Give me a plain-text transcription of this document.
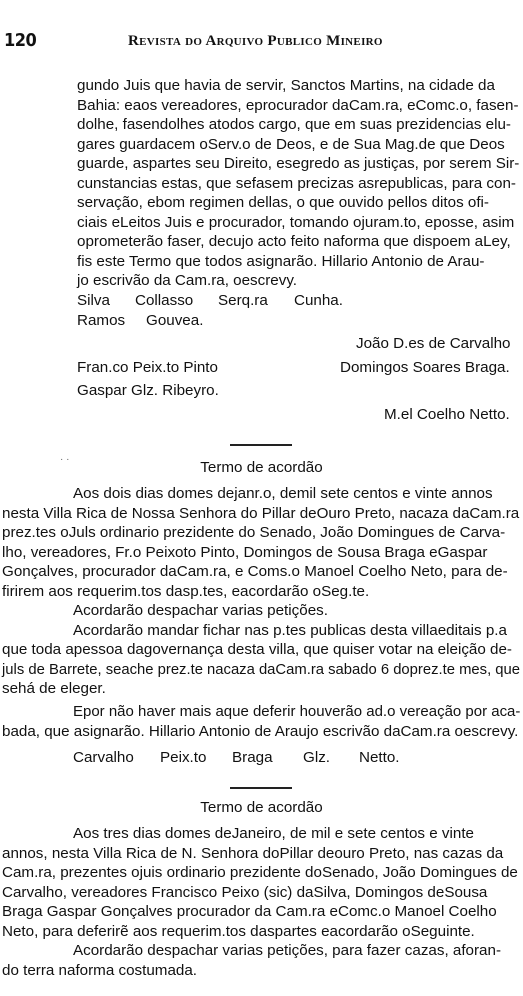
120	Revista do Arquivo Publico Mineiro
gundo Juis que havia de servir, Sanctos Martins, na cidade da
Bahia: eaos vereadores, eprocurador daCam.ra, eComc.o, fasen-
dolhe, fasendolhes atodos cargo, que em suas prezidencias elu-
gares guardacem oServ.o de Deos, e de Sua Mag.de que Deos
guarde, aspartes seu Direito, esegredo as justiças, por serem Sir-
cunstancias estas, que sefasem precizas asrepublicas, para con-
servação, ebom regimen dellas, o que ouvido pellos ditos ofi-
ciais eLeitos Juis e procurador, tomando ojuram.to, eposse, asim
oprometerão faser, decujo acto feito naforma que dispoem aLey,
fis este Termo que todos asignarão. Hillario Antonio de Arau-
jo escrivão da Cam.ra, oescrevy.
Silva Collasso Serq.ra Cunha.
Ramos Gouvea.
João D.es de Carvalho
Fran.co Peix.to Pinto	Domingos Soares Braga.
Gaspar Glz. Ribeyro.
M.el Coelho Netto.
· ·	Termo de acordão
Aos dois dias domes dejanr.o, demil sete centos e vinte annos
nesta Villa Rica de Nossa Senhora do Pillar deOuro Preto, nacaza daCam.ra
prez.tes oJuls ordinario prezidente do Senado, João Domingues de Carva-
lho, vereadores, Fr.o Peixoto Pinto, Domingos de Sousa Braga eGaspar
Gonçalves, procurador daCam.ra, e Coms.o Manoel Coelho Neto, para de-
firirem aos requerim.tos dasp.tes, eacordarão oSeg.te.
Acordarão despachar varias petições.
Acordarão mandar fichar nas p.tes publicas desta villaeditais p.a
que toda apessoa dagovernança desta villa, que quiser votar na eleição de-
juls de Barrete, seache prez.te nacaza daCam.ra sabado 6 doprez.te mes, que
sehá de eleger.
Epor não haver mais aque deferir houverão ad.o vereação por aca-
bada, que asignarão. Hillario Antonio de Araujo escrivão daCam.ra oescrevy.
Carvalho Peix.to Braga Glz. Netto.
Termo de acordão
Aos tres dias domes deJaneiro, de mil e sete centos e vinte
annos, nesta Villa Rica de N. Senhora doPillar deouro Preto, nas cazas da
Cam.ra, prezentes ojuis ordinario prezidente doSenado, João Domingues de
Carvalho, vereadores Francisco Peixo (sic) daSilva, Domingos deSousa
Braga Gaspar Gonçalves procurador da Cam.ra eComc.o Manoel Coelho
Neto, para deferirẽ aos requerim.tos daspartes eacordarão oSeguinte.
Acordarão despachar varias petições, para fazer cazas, aforan-
do terra naforma costumada.
